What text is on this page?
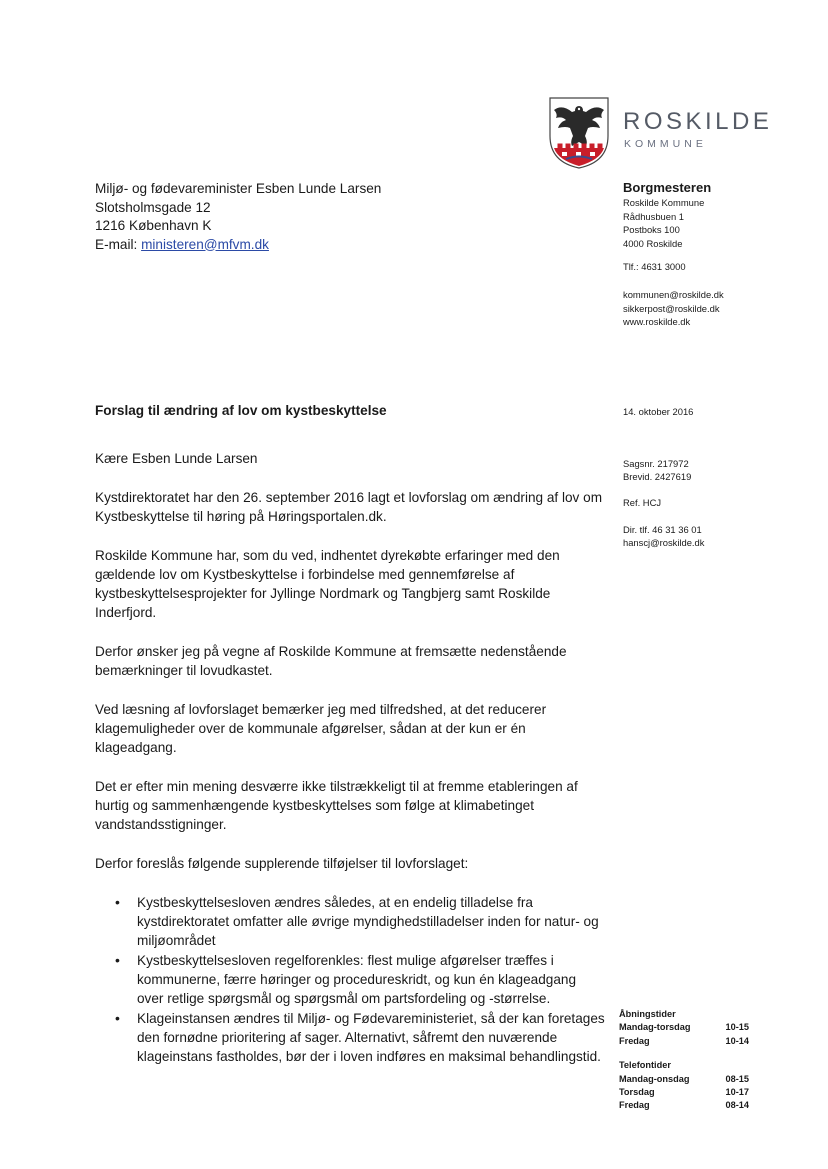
ROSKILDE
KOMMUNE
Miljø- og fødevareminister Esben Lunde Larsen
Slotsholmsgade 12
1216 København K
E-mail: ministeren@mfvm.dk
Borgmesteren
Roskilde Kommune
Rådhusbuen 1
Postboks 100
4000 Roskilde
Tlf.: 4631 3000
kommunen@roskilde.dk
sikkerpost@roskilde.dk
www.roskilde.dk
Forslag til ændring af lov om kystbeskyttelse	14. oktober 2016
Sagsnr. 217972
Brevid. 2427619
Ref. HCJ
Dir. tlf. 46 31 36 01
hanscj@roskilde.dk

Kære Esben Lunde Larsen

Kystdirektoratet har den 26. september 2016 lagt et lovforslag om ændring af lov om Kystbeskyttelse til høring på Høringsportalen.dk.

Roskilde Kommune har, som du ved, indhentet dyrekøbte erfaringer med den gældende lov om Kystbeskyttelse i forbindelse med gennemførelse af kystbeskyttelsesprojekter for Jyllinge Nordmark og Tangbjerg samt Roskilde Inderfjord.

Derfor ønsker jeg på vegne af Roskilde Kommune at fremsætte nedenstående bemærkninger til lovudkastet.

Ved læsning af lovforslaget bemærker jeg med tilfredshed, at det reducerer klagemuligheder over de kommunale afgørelser, sådan at der kun er én klageadgang.

Det er efter min mening desværre ikke tilstrækkeligt til at fremme etableringen af hurtig og sammenhængende kystbeskyttelses som følge at klimabetinget vandstandsstigninger.

Derfor foreslås følgende supplerende tilføjelser til lovforslaget:

• Kystbeskyttelsesloven ændres således, at en endelig tilladelse fra kystdirektoratet omfatter alle øvrige myndighedstilladelser inden for natur- og miljøområdet
• Kystbeskyttelsesloven regelforenkles: flest mulige afgørelser træffes i kommunerne, færre høringer og procedureskridt, og kun én klageadgang over retlige spørgsmål og spørgsmål om partsfordeling og -størrelse.
• Klageinstansen ændres til Miljø- og Fødevareministeriet, så der kan foretages den fornødne prioritering af sager. Alternativt, såfremt den nuværende klageinstans fastholdes, bør der i loven indføres en maksimal behandlingstid.
Åbningstider
Mandag-torsdag	10-15
Fredag	10-14
Telefontider
Mandag-onsdag	08-15
Torsdag	10-17
Fredag	08-14
